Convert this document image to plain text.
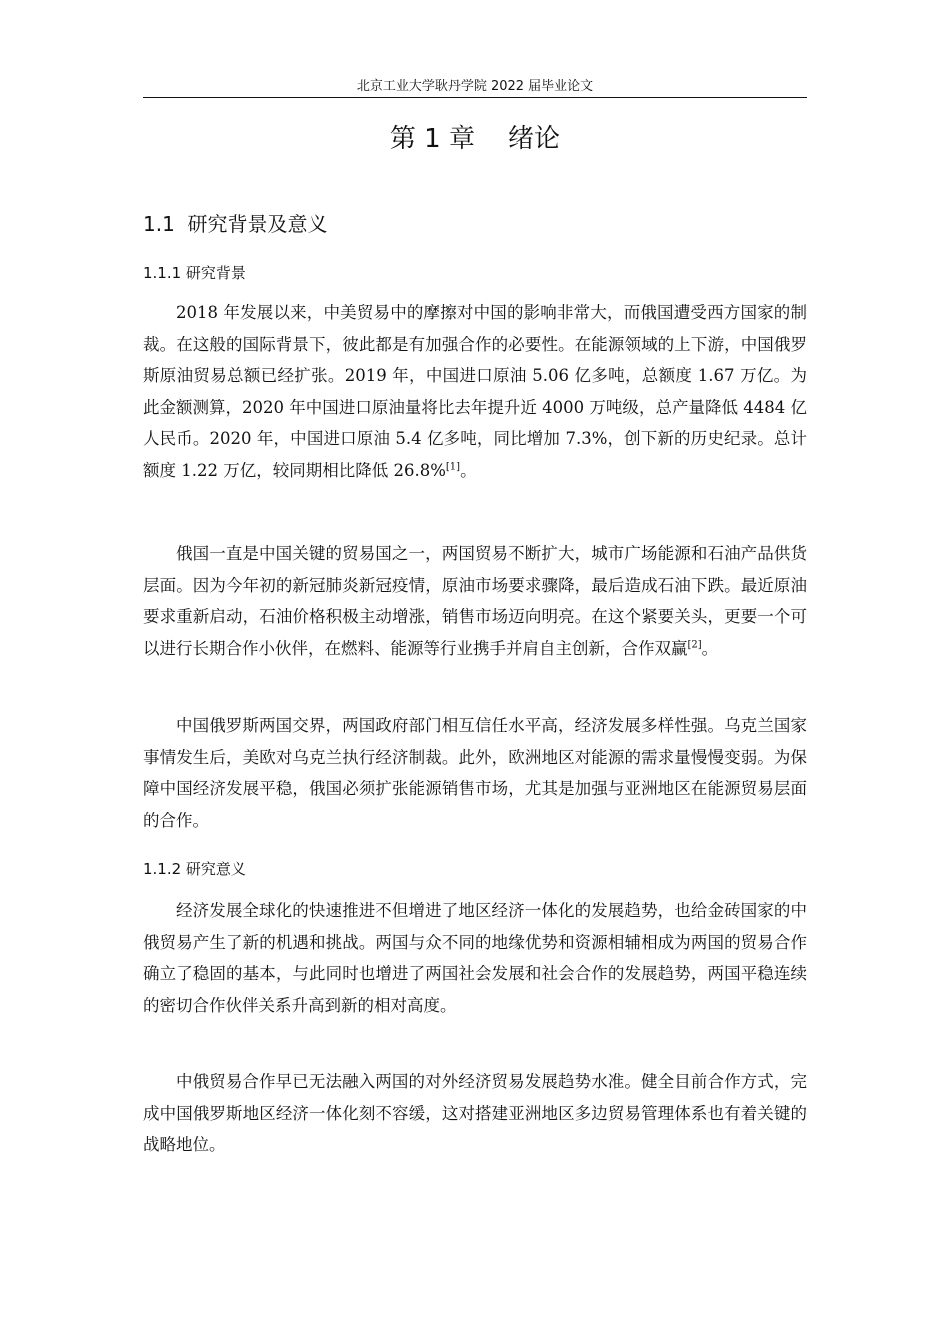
北京工业大学耿丹学院 2022 届毕业论文
第 1 章    绪论
1.1  研究背景及意义
1.1.1 研究背景

2018 年发展以来，中美贸易中的摩擦对中国的影响非常大，而俄国遭受西方国家的制裁。在这般的国际背景下，彼此都是有加强合作的必要性。在能源领域的上下游，中国俄罗斯原油贸易总额已经扩张。2019 年，中国进口原油 5.06 亿多吨，总额度 1.67 万亿。为此金额测算，2020 年中国进口原油量将比去年提升近 4000 万吨级，总产量降低 4484 亿人民币。2020 年，中国进口原油 5.4 亿多吨，同比增加 7.3%，创下新的历史纪录。总计额度 1.22 万亿，较同期相比降低 26.8%[1]。

俄国一直是中国关键的贸易国之一，两国贸易不断扩大，城市广场能源和石油产品供货层面。因为今年初的新冠肺炎新冠疫情，原油市场要求骤降，最后造成石油下跌。最近原油要求重新启动，石油价格积极主动增涨，销售市场迈向明亮。在这个紧要关头，更要一个可以进行长期合作小伙伴，在燃料、能源等行业携手并肩自主创新，合作双赢[2]。

中国俄罗斯两国交界，两国政府部门相互信任水平高，经济发展多样性强。乌克兰国家事情发生后，美欧对乌克兰执行经济制裁。此外，欧洲地区对能源的需求量慢慢变弱。为保障中国经济发展平稳，俄国必须扩张能源销售市场，尤其是加强与亚洲地区在能源贸易层面的合作。

1.1.2 研究意义

经济发展全球化的快速推进不但增进了地区经济一体化的发展趋势，也给金砖国家的中俄贸易产生了新的机遇和挑战。两国与众不同的地缘优势和资源相辅相成为两国的贸易合作确立了稳固的基本，与此同时也增进了两国社会发展和社会合作的发展趋势，两国平稳连续的密切合作伙伴关系升高到新的相对高度。

中俄贸易合作早已无法融入两国的对外经济贸易发展趋势水准。健全目前合作方式，完成中国俄罗斯地区经济一体化刻不容缓，这对搭建亚洲地区多边贸易管理体系也有着关键的战略地位。
